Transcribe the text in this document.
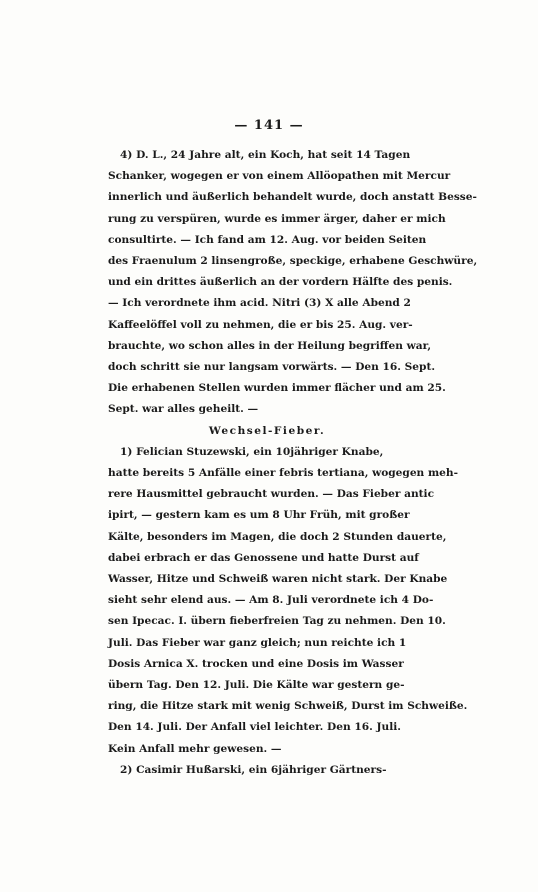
— 141 —
4) D. L., 24 Jahre alt, ein Koch, hat seit 14 Tagen
Schanker, wogegen er von einem Allöopathen mit Mercur
innerlich und äußerlich behandelt wurde, doch anstatt Besse-
rung zu verspüren, wurde es immer ärger, daher er mich
consultirte. — Ich fand am 12. Aug. vor beiden Seiten
des Fraenulum 2 linsengroße, speckige, erhabene Geschwüre,
und ein drittes äußerlich an der vordern Hälfte des penis.
— Ich verordnete ihm acid. Nitri (3) X alle Abend 2
Kaffeelöffel voll zu nehmen, die er bis 25. Aug. ver-
brauchte, wo schon alles in der Heilung begriffen war,
doch schritt sie nur langsam vorwärts. — Den 16. Sept.
Die erhabenen Stellen wurden immer flächer und am 25.
Sept. war alles geheilt. —
Wechsel-Fieber.
1) Felician Stuzewski, ein 10jähriger Knabe,
hatte bereits 5 Anfälle einer febris tertiana, wogegen meh-
rere Hausmittel gebraucht wurden. — Das Fieber antic
ipirt, — gestern kam es um 8 Uhr Früh, mit großer
Kälte, besonders im Magen, die doch 2 Stunden dauerte,
dabei erbrach er das Genossene und hatte Durst auf
Wasser, Hitze und Schweiß waren nicht stark. Der Knabe
sieht sehr elend aus. — Am 8. Juli verordnete ich 4 Do-
sen Ipecac. I. übern fieberfreien Tag zu nehmen. Den 10.
Juli. Das Fieber war ganz gleich; nun reichte ich 1
Dosis Arnica X. trocken und eine Dosis im Wasser
übern Tag. Den 12. Juli. Die Kälte war gestern ge-
ring, die Hitze stark mit wenig Schweiß, Durst im Schweiße.
Den 14. Juli. Der Anfall viel leichter. Den 16. Juli.
Kein Anfall mehr gewesen. —
2) Casimir Hußarski, ein 6jähriger Gärtners-
